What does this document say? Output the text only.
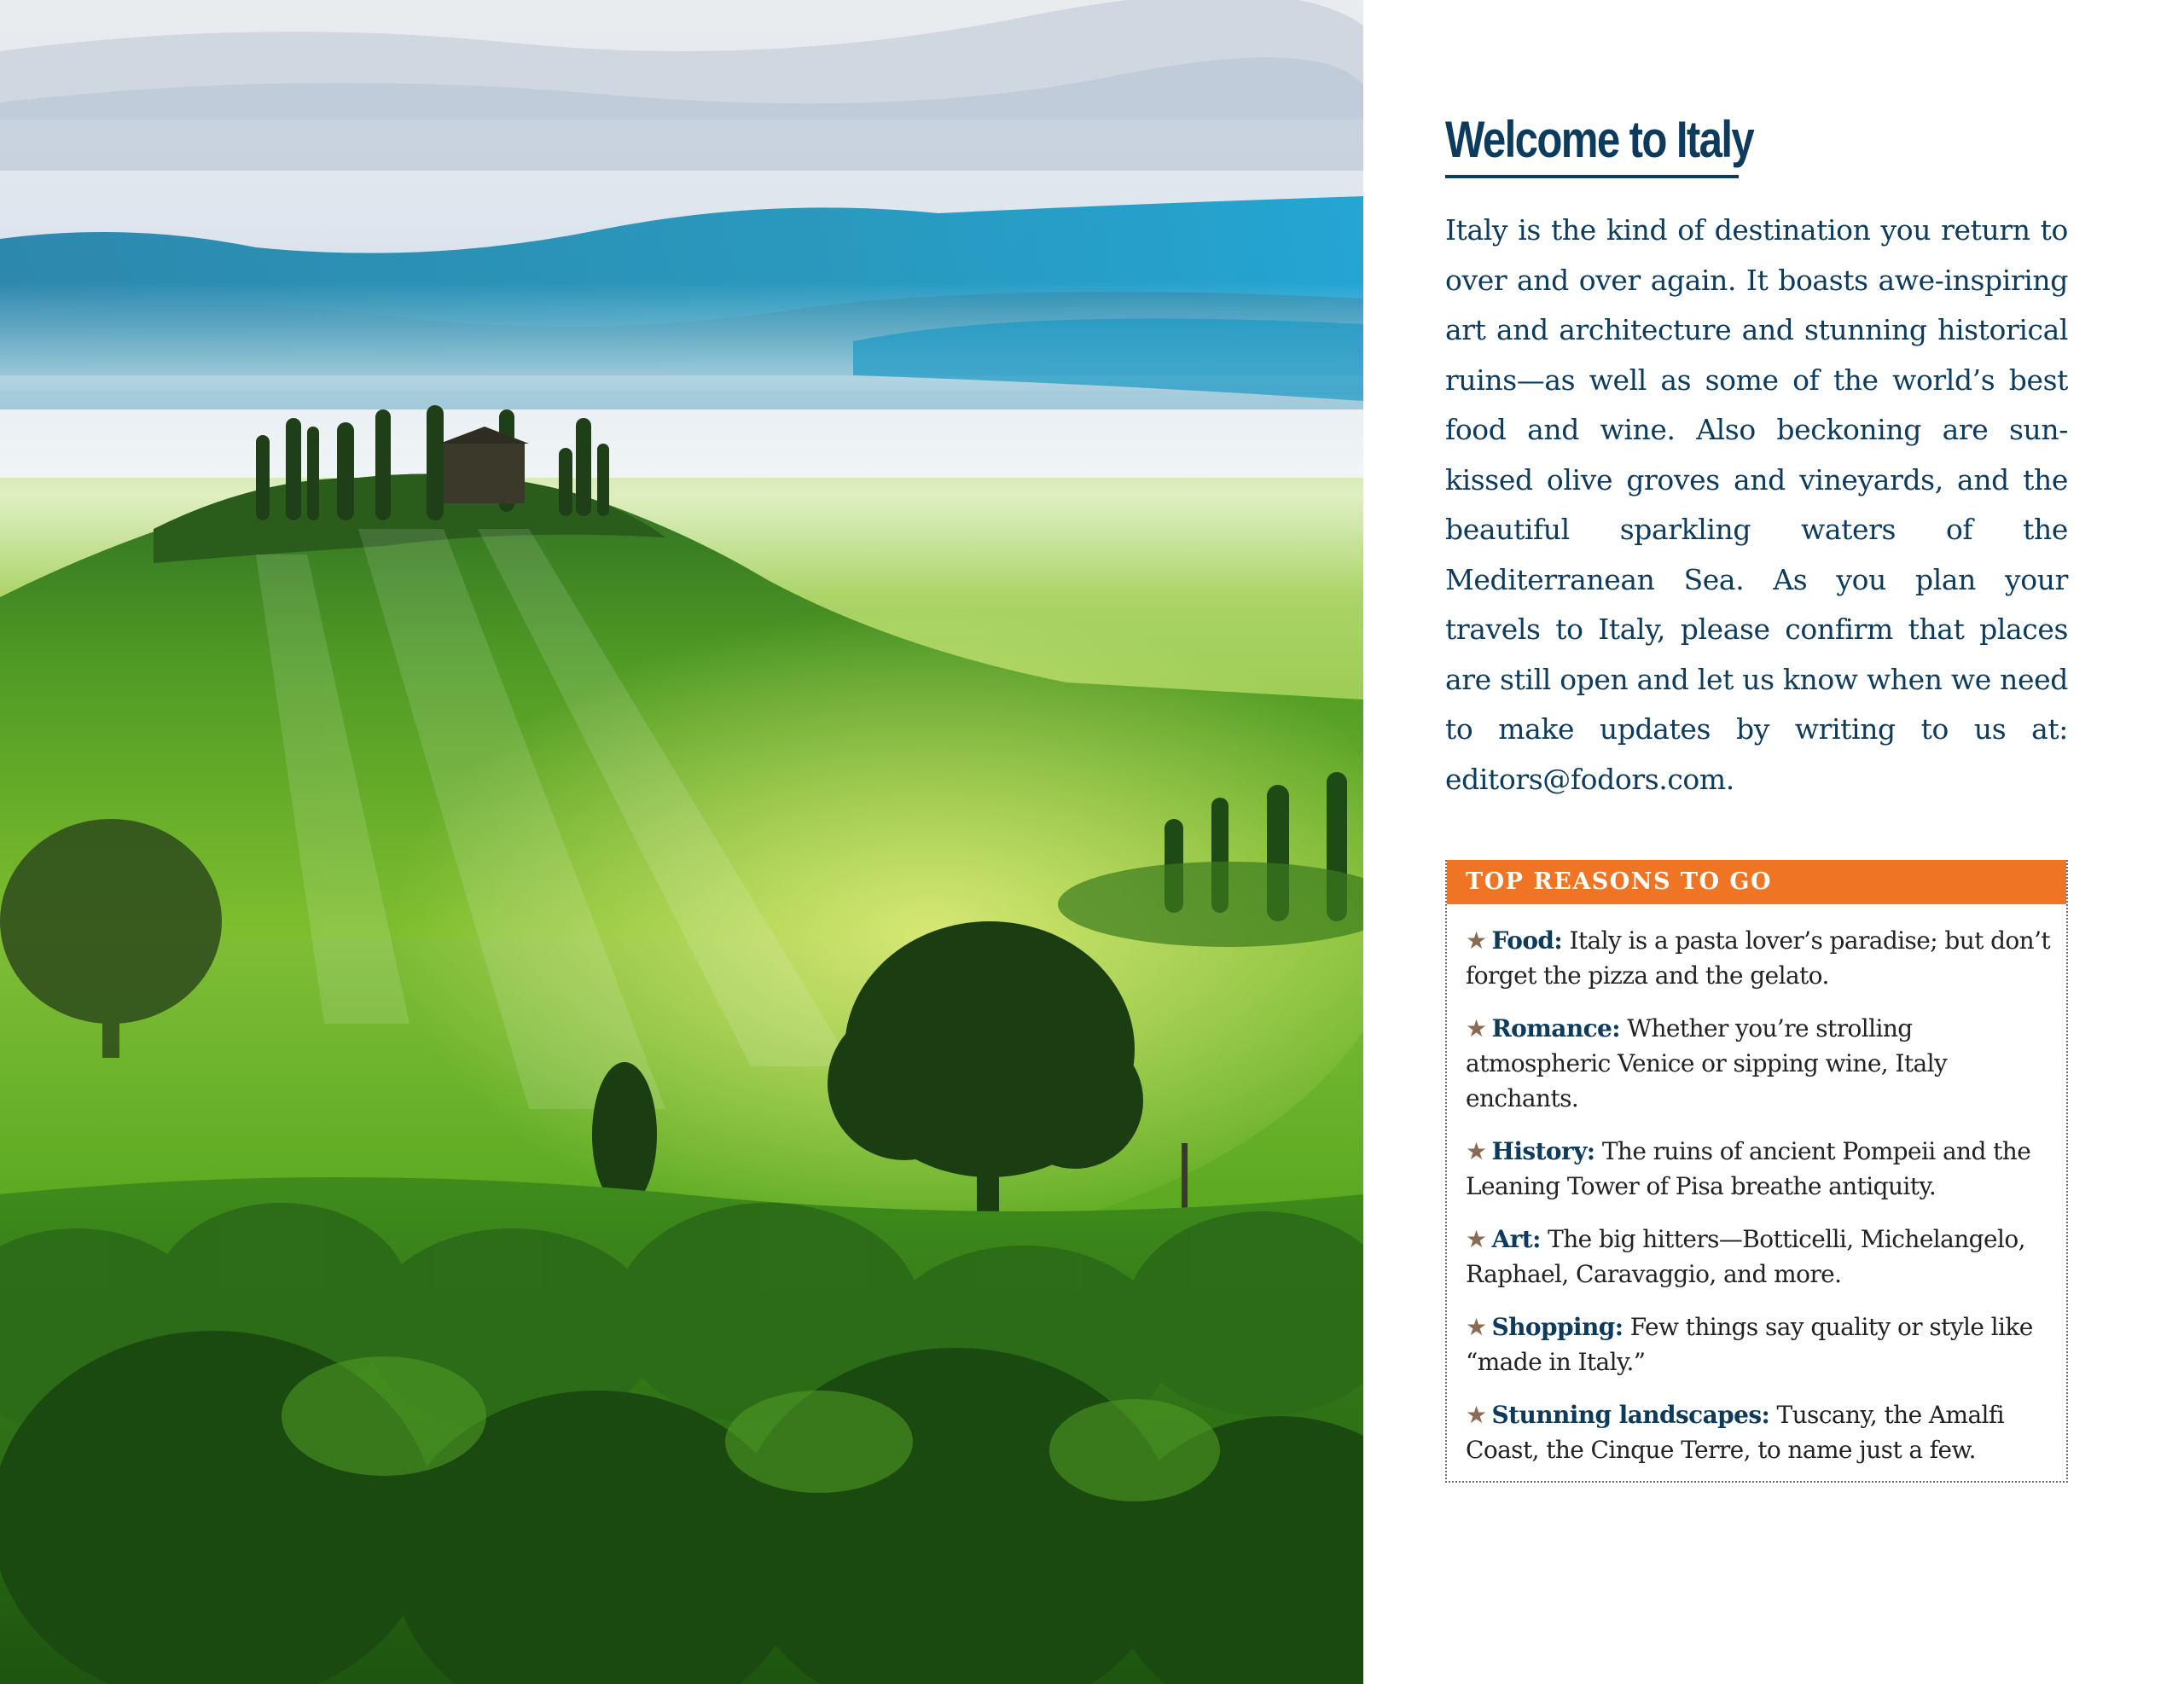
Welcome to Italy

Italy is the kind of destination you return to over and over again. It boasts awe-inspiring art and architecture and stunning historical ruins—as well as some of the world’s best food and wine. Also beckoning are sun-kissed olive groves and vineyards, and the beautiful sparkling waters of the Mediterranean Sea. As you plan your travels to Italy, please confirm that places are still open and let us know when we need to make updates by writing to us at: editors@fodors.com.

TOP REASONS TO GO
★ Food: Italy is a pasta lover’s paradise; but don’t forget the pizza and the gelato.
★ Romance: Whether you’re strolling atmospheric Venice or sipping wine, Italy enchants.
★ History: The ruins of ancient Pompeii and the Leaning Tower of Pisa breathe antiquity.
★ Art: The big hitters—Botticelli, Michelangelo, Raphael, Caravaggio, and more.
★ Shopping: Few things say quality or style like “made in Italy.”
★ Stunning landscapes: Tuscany, the Amalfi Coast, the Cinque Terre, to name just a few.
